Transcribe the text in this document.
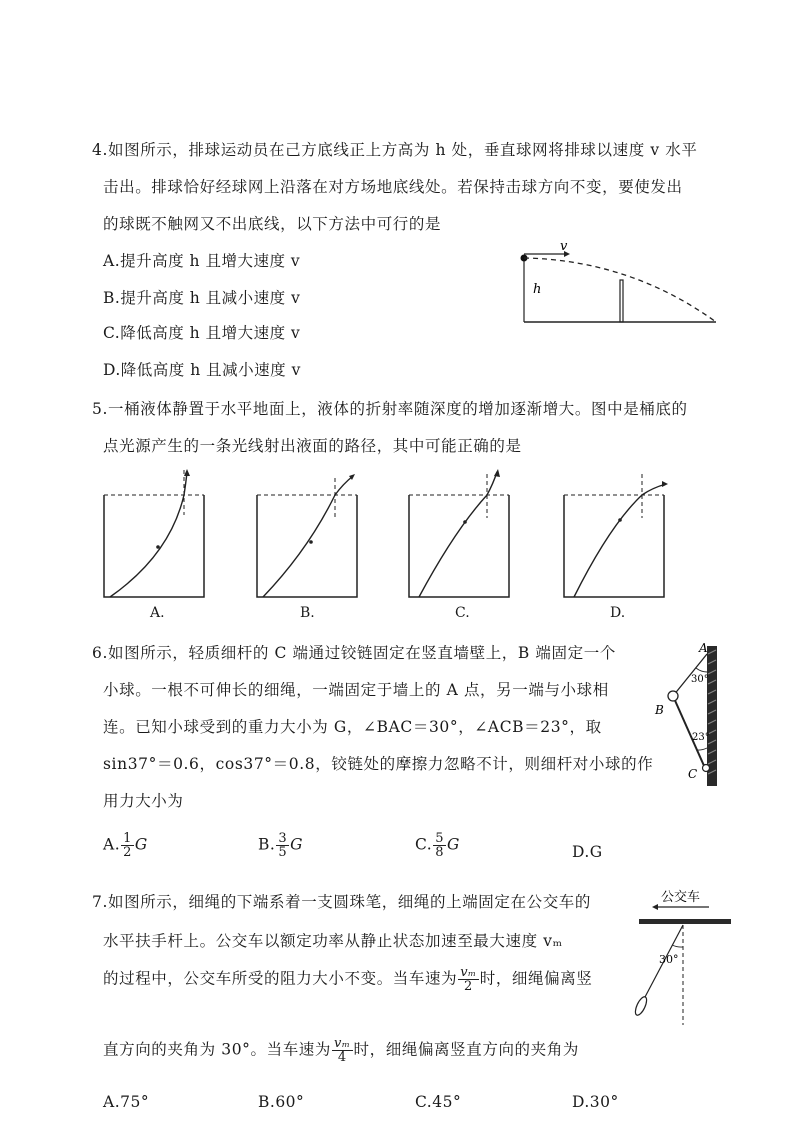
4.如图所示，排球运动员在己方底线正上方高为 h 处，垂直球网将排球以速度 v 水平
击出。排球恰好经球网上沿落在对方场地底线处。若保持击球方向不变，要使发出
的球既不触网又不出底线，以下方法中可行的是
A.提升高度 h 且增大速度 v
B.提升高度 h 且减小速度 v
C.降低高度 h 且增大速度 v
D.降低高度 h 且减小速度 v
h
v
5.一桶液体静置于水平地面上，液体的折射率随深度的增加逐渐增大。图中是桶底的
点光源产生的一条光线射出液面的路径，其中可能正确的是
A.	B.	C.	D.
6.如图所示，轻质细杆的 C 端通过铰链固定在竖直墙壁上，B 端固定一个
小球。一根不可伸长的细绳，一端固定于墙上的 A 点，另一端与小球相
连。已知小球受到的重力大小为 G，∠BAC＝30°，∠ACB＝23°，取
sin37°＝0.6，cos37°＝0.8，铰链处的摩擦力忽略不计，则细杆对小球的作
用力大小为
A. $\frac{1}{2}$ G	B. $\frac{3}{5}$ G	C. $\frac{5}{8}$ G	D.G
A
B
C
30°
23°
7.如图所示，细绳的下端系着一支圆珠笔，细绳的上端固定在公交车的
水平扶手杆上。公交车以额定功率从静止状态加速至最大速度 vₘ
的过程中，公交车所受的阻力大小不变。当车速为 $\frac{\text{vₘ}}{2}$ 时，细绳偏离竖
直方向的夹角为 30°。当车速为 $\frac{\text{vₘ}}{4}$ 时，细绳偏离竖直方向的夹角为
A.75°	B.60°	C.45°	D.30°
公交车
30°
